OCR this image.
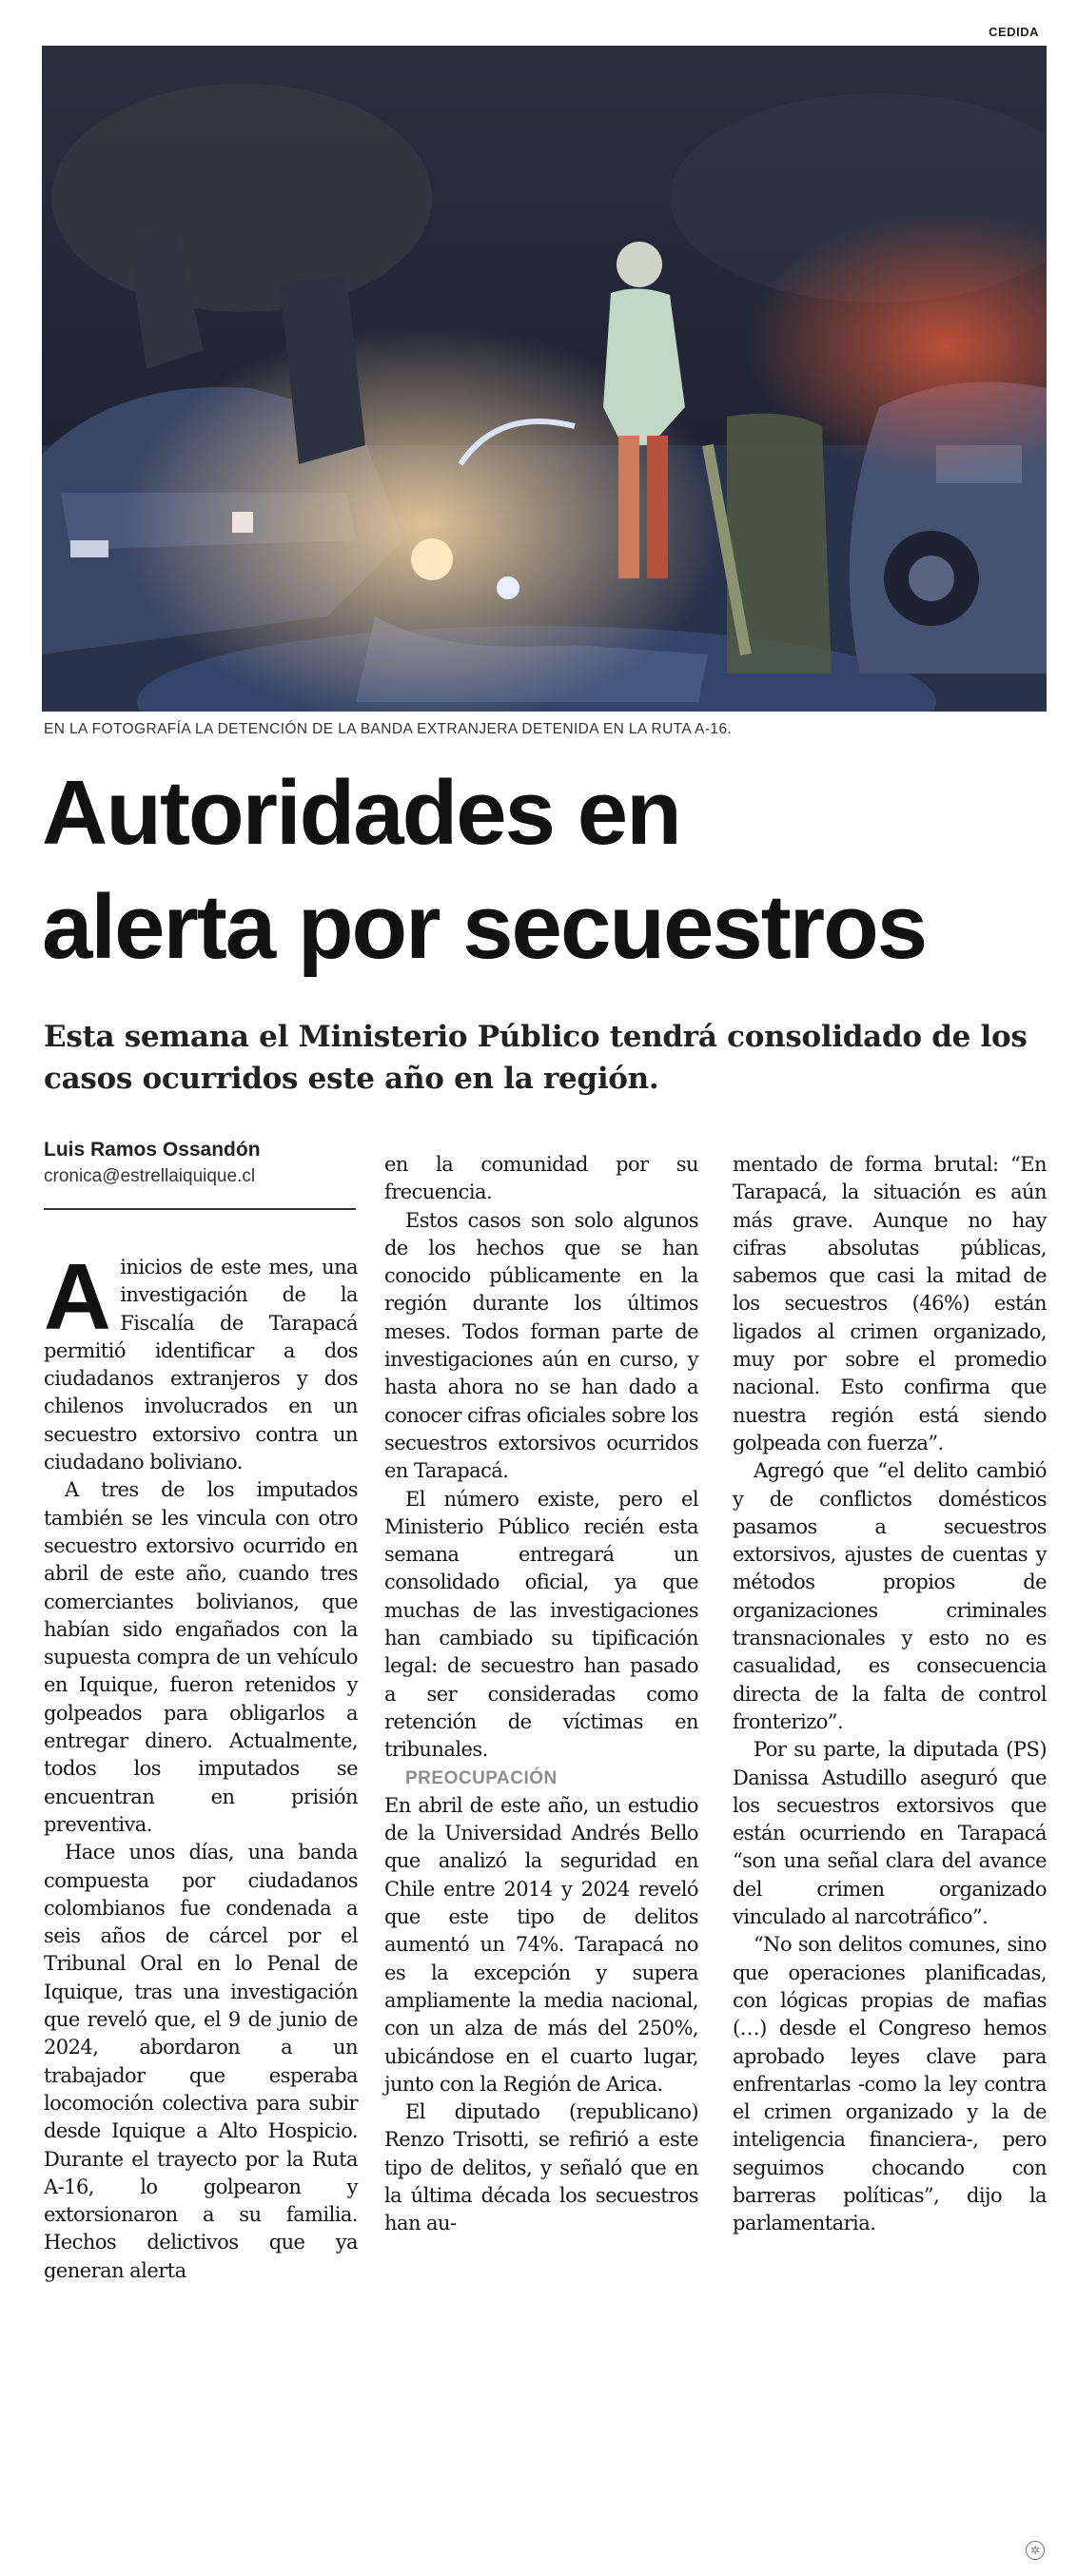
CEDIDA
EN LA FOTOGRAFÍA LA DETENCIÓN DE LA BANDA EXTRANJERA DETENIDA EN LA RUTA A-16.
Autoridades en
alerta por secuestros

Esta semana el Ministerio Público tendrá consolidado de los casos ocurridos este año en la región.

Luis Ramos Ossandón
cronica@estrellaiquique.cl

Ainicios de este mes, una investigación de la Fiscalía de Tarapacá permitió identificar a dos ciudadanos extranjeros y dos chilenos involucrados en un secuestro extorsivo contra un ciudadano boliviano.

A tres de los imputados también se les vincula con otro secuestro extorsivo ocurrido en abril de este año, cuando tres comerciantes bolivianos, que habían sido engañados con la supuesta compra de un vehículo en Iquique, fueron retenidos y golpeados para obligarlos a entregar dinero. Actualmente, todos los imputados se encuentran en prisión preventiva.

Hace unos días, una banda compuesta por ciudadanos colombianos fue condenada a seis años de cárcel por el Tribunal Oral en lo Penal de Iquique, tras una investigación que reveló que, el 9 de junio de 2024, abordaron a un trabajador que esperaba locomoción colectiva para subir desde Iquique a Alto Hospicio. Durante el trayecto por la Ruta A-16, lo golpearon y extorsionaron a su familia. Hechos delictivos que ya generan alerta

en la comunidad por su frecuencia.

Estos casos son solo algunos de los hechos que se han conocido públicamente en la región durante los últimos meses. Todos forman parte de investigaciones aún en curso, y hasta ahora no se han dado a conocer cifras oficiales sobre los secuestros extorsivos ocurridos en Tarapacá.

El número existe, pero el Ministerio Público recién esta semana entregará un consolidado oficial, ya que muchas de las investigaciones han cambiado su tipificación legal: de secuestro han pasado a ser consideradas como retención de víctimas en tribunales.

PREOCUPACIÓN

En abril de este año, un estudio de la Universidad Andrés Bello que analizó la seguridad en Chile entre 2014 y 2024 reveló que este tipo de delitos aumentó un 74%. Tarapacá no es la excepción y supera ampliamente la media nacional, con un alza de más del 250%, ubicándose en el cuarto lugar, junto con la Región de Arica.

El diputado (republicano) Renzo Trisotti, se refirió a este tipo de delitos, y señaló que en la última década los secuestros han au-

mentado de forma brutal: “En Tarapacá, la situación es aún más grave. Aunque no hay cifras absolutas públicas, sabemos que casi la mitad de los secuestros (46%) están ligados al crimen organizado, muy por sobre el promedio nacional. Esto confirma que nuestra región está siendo golpeada con fuerza”.

Agregó que “el delito cambió y de conflictos domésticos pasamos a secuestros extorsivos, ajustes de cuentas y métodos propios de organizaciones criminales transnacionales y esto no es casualidad, es consecuencia directa de la falta de control fronterizo”.

Por su parte, la diputada (PS) Danissa Astudillo aseguró que los secuestros extorsivos que están ocurriendo en Tarapacá “son una señal clara del avance del crimen organizado vinculado al narcotráfico”.

“No son delitos comunes, sino que operaciones planificadas, con lógicas propias de mafias (…) desde el Congreso hemos aprobado leyes clave para enfrentarlas -como la ley contra el crimen organizado y la de inteligencia financiera-, pero seguimos chocando con barreras políticas”, dijo la parlamentaria.

✲
